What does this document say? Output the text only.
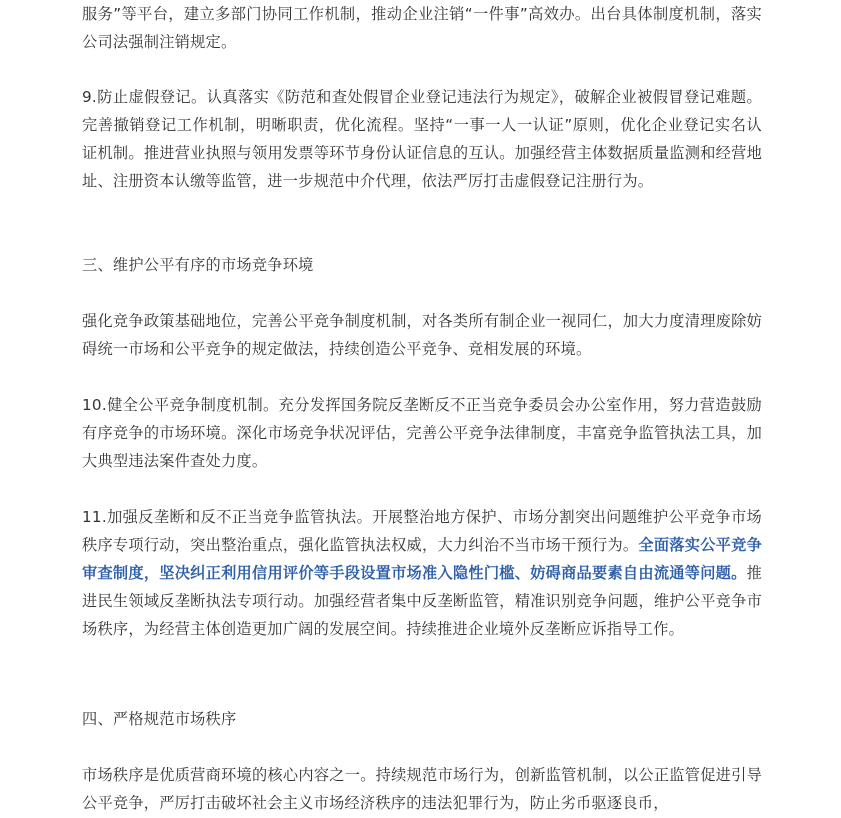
服务”等平台，建立多部门协同工作机制，推动企业注销“一件事”高效办。出台具体制度机制，落实公司法强制注销规定。

9.防止虚假登记。认真落实《防范和查处假冒企业登记违法行为规定》，破解企业被假冒登记难题。完善撤销登记工作机制，明晰职责，优化流程。坚持“一事一人一认证”原则，优化企业登记实名认证机制。推进营业执照与领用发票等环节身份认证信息的互认。加强经营主体数据质量监测和经营地址、注册资本认缴等监管，进一步规范中介代理，依法严厉打击虚假登记注册行为。

三、维护公平有序的市场竞争环境

强化竞争政策基础地位，完善公平竞争制度机制，对各类所有制企业一视同仁，加大力度清理废除妨碍统一市场和公平竞争的规定做法，持续创造公平竞争、竞相发展的环境。

10.健全公平竞争制度机制。充分发挥国务院反垄断反不正当竞争委员会办公室作用，努力营造鼓励有序竞争的市场环境。深化市场竞争状况评估，完善公平竞争法律制度，丰富竞争监管执法工具，加大典型违法案件查处力度。

11.加强反垄断和反不正当竞争监管执法。开展整治地方保护、市场分割突出问题维护公平竞争市场秩序专项行动，突出整治重点，强化监管执法权威，大力纠治不当市场干预行为。全面落实公平竞争审查制度，坚决纠正利用信用评价等手段设置市场准入隐性门槛、妨碍商品要素自由流通等问题。推进民生领域反垄断执法专项行动。加强经营者集中反垄断监管，精准识别竞争问题，维护公平竞争市场秩序，为经营主体创造更加广阔的发展空间。持续推进企业境外反垄断应诉指导工作。

四、严格规范市场秩序

市场秩序是优质营商环境的核心内容之一。持续规范市场行为，创新监管机制，以公正监管促进引导公平竞争，严厉打击破坏社会主义市场经济秩序的违法犯罪行为，防止劣币驱逐良币，
